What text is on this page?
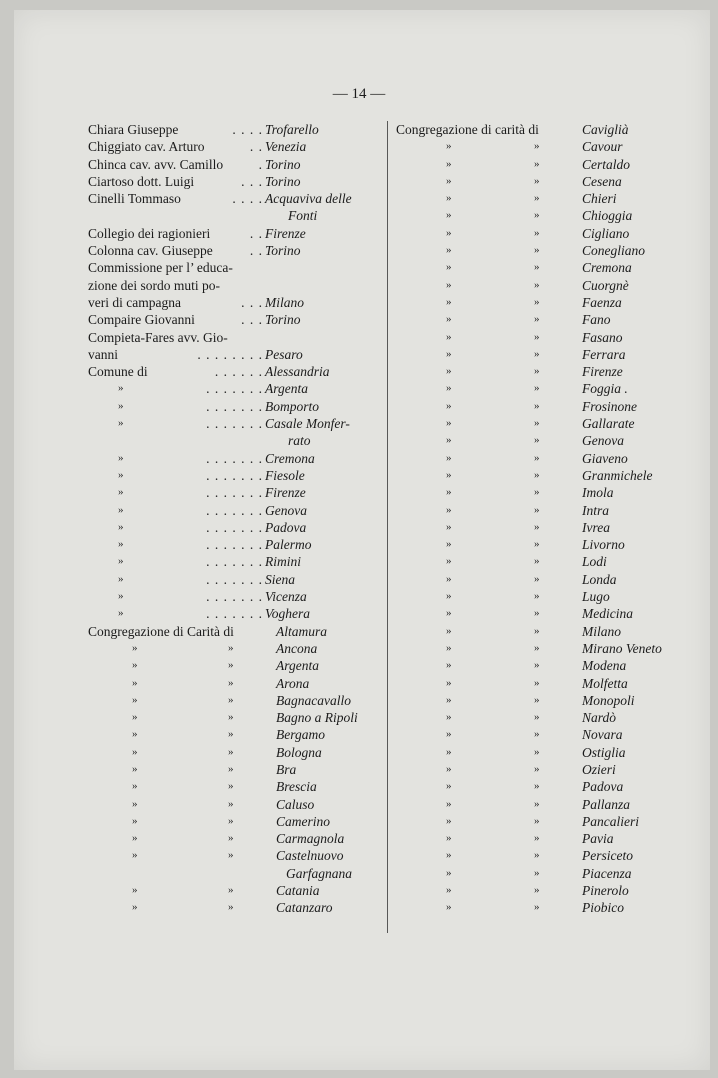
— 14 —
Chiara Giuseppe	. . . . Trofarello
Chiggiato cav. Arturo	. . Venezia
Chinca cav. avv. Camillo	. Torino
Ciartoso dott. Luigi	. . . Torino
Cinelli Tommaso	. . . . Acquaviva delle
Fonti
Collegio dei ragionieri	. . Firenze
Colonna cav. Giuseppe	. . Torino
Commissione per l’ educa-
zione dei sordo muti po-
veri di campagna	. . . Milano
Compaire Giovanni	. . . Torino
Compieta-Fares avv. Gio-
vanni	. . . . . . . . Pesaro
Comune di	. . . . . . Alessandria
»	. . . . . . . Argenta
»	. . . . . . . Bomporto
»	. . . . . . . Casale Monfer-
rato
»	. . . . . . . Cremona
»	. . . . . . . Fiesole
»	. . . . . . . Firenze
»	. . . . . . . Genova
»	. . . . . . . Padova
»	. . . . . . . Palermo
»	. . . . . . . Rimini
»	. . . . . . . Siena
»	. . . . . . . Vicenza
»	. . . . . . . Voghera
Congregazione di Carità di	Altamura
»	»	Ancona
»	»	Argenta
»	»	Arona
»	»	Bagnacavallo
»	»	Bagno a Ripoli
»	»	Bergamo
»	»	Bologna
»	»	Bra
»	»	Brescia
»	»	Caluso
»	»	Camerino
»	»	Carmagnola
»	»	Castelnuovo
Garfagnana
»	»	Catania
»	»	Catanzaro
Congregazione di carità di	Caviglià
»	»	Cavour
»	»	Certaldo
»	»	Cesena
»	»	Chieri
»	»	Chioggia
»	»	Cigliano
»	»	Conegliano
»	»	Cremona
»	»	Cuorgnè
»	»	Faenza
»	»	Fano
»	»	Fasano
»	»	Ferrara
»	»	Firenze
»	»	Foggia .
»	»	Frosinone
»	»	Gallarate
»	»	Genova
»	»	Giaveno
»	»	Granmichele
»	»	Imola
»	»	Intra
»	»	Ivrea
»	»	Livorno
»	»	Lodi
»	»	Londa
»	»	Lugo
»	»	Medicina
»	»	Milano
»	»	Mirano Veneto
»	»	Modena
»	»	Molfetta
»	»	Monopoli
»	»	Nardò
»	»	Novara
»	»	Ostiglia
»	»	Ozieri
»	»	Padova
»	»	Pallanza
»	»	Pancalieri
»	»	Pavia
»	»	Persiceto
»	»	Piacenza
»	»	Pinerolo
»	»	Piobico
